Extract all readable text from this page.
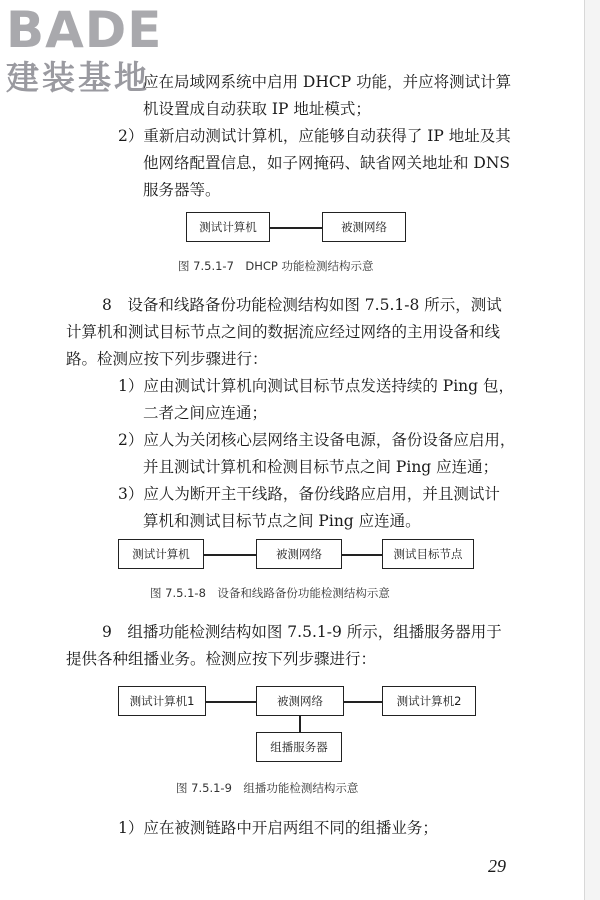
BADE
建装基地
应在局域网系统中启用 DHCP 功能，并应将测试计算
机设置成自动获取 IP 地址模式；
2）重新启动测试计算机，应能够自动获得了 IP 地址及其
他网络配置信息，如子网掩码、缺省网关地址和 DNS
服务器等。
测试计算机	被测网络
图 7.5.1-7　DHCP 功能检测结构示意
8　设备和线路备份功能检测结构如图 7.5.1-8 所示，测试
计算机和测试目标节点之间的数据流应经过网络的主用设备和线
路。检测应按下列步骤进行：
1）应由测试计算机向测试目标节点发送持续的 Ping 包，
二者之间应连通；
2）应人为关闭核心层网络主设备电源，备份设备应启用，
并且测试计算机和检测目标节点之间 Ping 应连通；
3）应人为断开主干线路，备份线路应启用，并且测试计
算机和测试目标节点之间 Ping 应连通。
测试计算机	被测网络	测试目标节点
图 7.5.1-8　设备和线路备份功能检测结构示意
9　组播功能检测结构如图 7.5.1-9 所示，组播服务器用于
提供各种组播业务。检测应按下列步骤进行：
测试计算机1	被测网络	测试计算机2
组播服务器
图 7.5.1-9　组播功能检测结构示意
1）应在被测链路中开启两组不同的组播业务；
29
